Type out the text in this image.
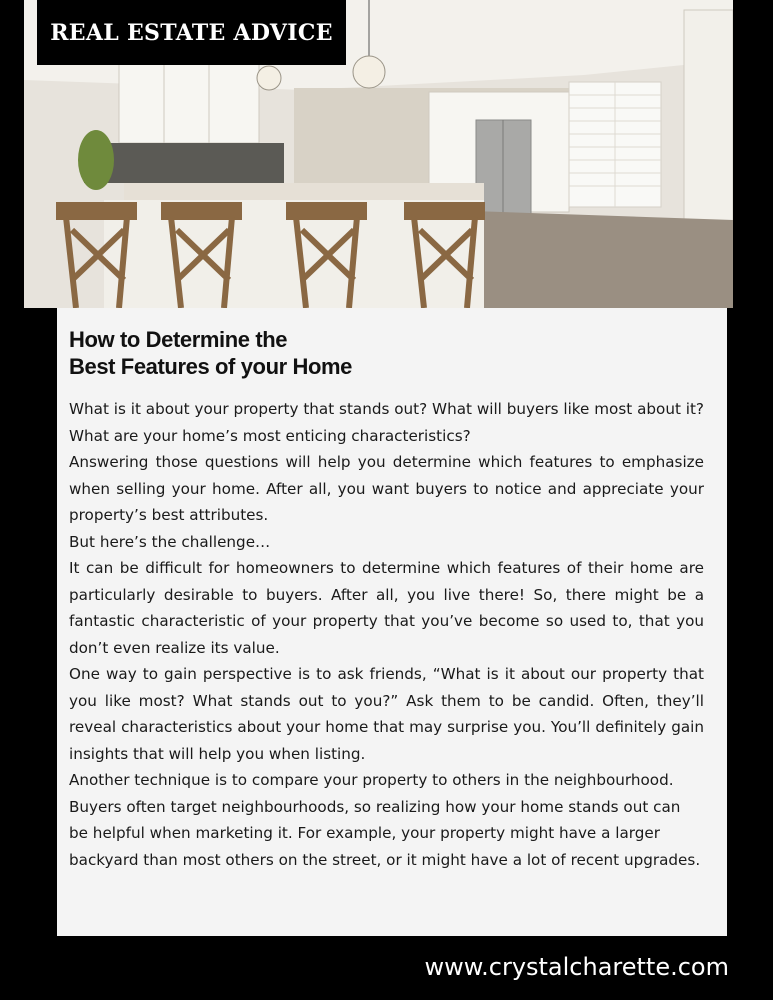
REAL ESTATE ADVICE
How to Determine the
Best Features of your Home

What is it about your property that stands out? What will buyers like most about it? What are your home’s most enticing characteristics?

Answering those questions will help you determine which features to emphasize when selling your home. After all, you want buyers to notice and appreciate your property’s best attributes.

But here’s the challenge…

It can be difficult for homeowners to determine which features of their home are particularly desirable to buyers. After all, you live there! So, there might be a fantastic characteristic of your property that you’ve become so used to, that you don’t even realize its value.

One way to gain perspective is to ask friends, “What is it about our property that you like most? What stands out to you?” Ask them to be candid. Often, they’ll reveal characteristics about your home that may surprise you. You’ll definitely gain insights that will help you when listing.

Another technique is to compare your property to others in the neighbourhood. Buyers often target neighbourhoods, so realizing how your home stands out can be helpful when marketing it. For example, your property might have a larger backyard than most others on the street, or it might have a lot of recent upgrades.

www.crystalcharette.com
